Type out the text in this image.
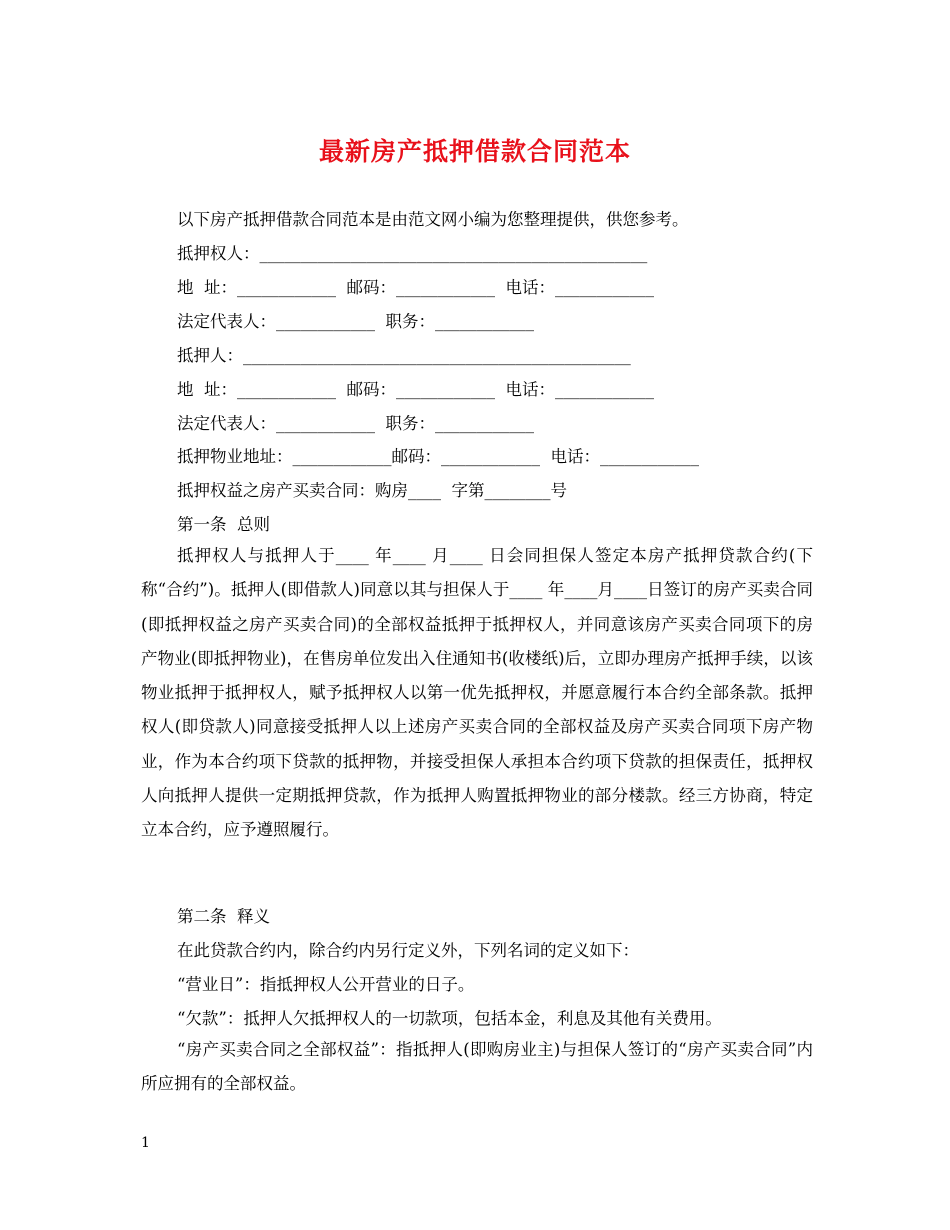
最新房产抵押借款合同范本
以下房产抵押借款合同范本是由范文网小编为您整理提供，供您参考。
抵押权人：_______________________________________________
地  址：____________  邮码：____________  电话：____________
法定代表人：____________  职务：____________
抵押人：_______________________________________________
地  址：____________  邮码：____________  电话：____________
法定代表人：____________  职务：____________
抵押物业地址：____________邮码：____________  电话：____________
抵押权益之房产买卖合同：购房____  字第________号
第一条  总则
抵押权人与抵押人于____ 年____ 月____ 日会同担保人签定本房产抵押贷款合约(下称“合约”)。抵押人(即借款人)同意以其与担保人于____ 年____月____日签订的房产买卖合同(即抵押权益之房产买卖合同)的全部权益抵押于抵押权人，并同意该房产买卖合同项下的房产物业(即抵押物业)，在售房单位发出入住通知书(收楼纸)后，立即办理房产抵押手续，以该物业抵押于抵押权人，赋予抵押权人以第一优先抵押权，并愿意履行本合约全部条款。抵押权人(即贷款人)同意接受抵押人以上述房产买卖合同的全部权益及房产买卖合同项下房产物业，作为本合约项下贷款的抵押物，并接受担保人承担本合约项下贷款的担保责任，抵押权人向抵押人提供一定期抵押贷款，作为抵押人购置抵押物业的部分楼款。经三方协商，特定立本合约，应予遵照履行。
第二条  释义
在此贷款合约内，除合约内另行定义外，下列名词的定义如下：
“营业日”：指抵押权人公开营业的日子。
“欠款”：抵押人欠抵押权人的一切款项，包括本金，利息及其他有关费用。
“房产买卖合同之全部权益”：指抵押人(即购房业主)与担保人签订的“房产买卖合同”内所应拥有的全部权益。
1
